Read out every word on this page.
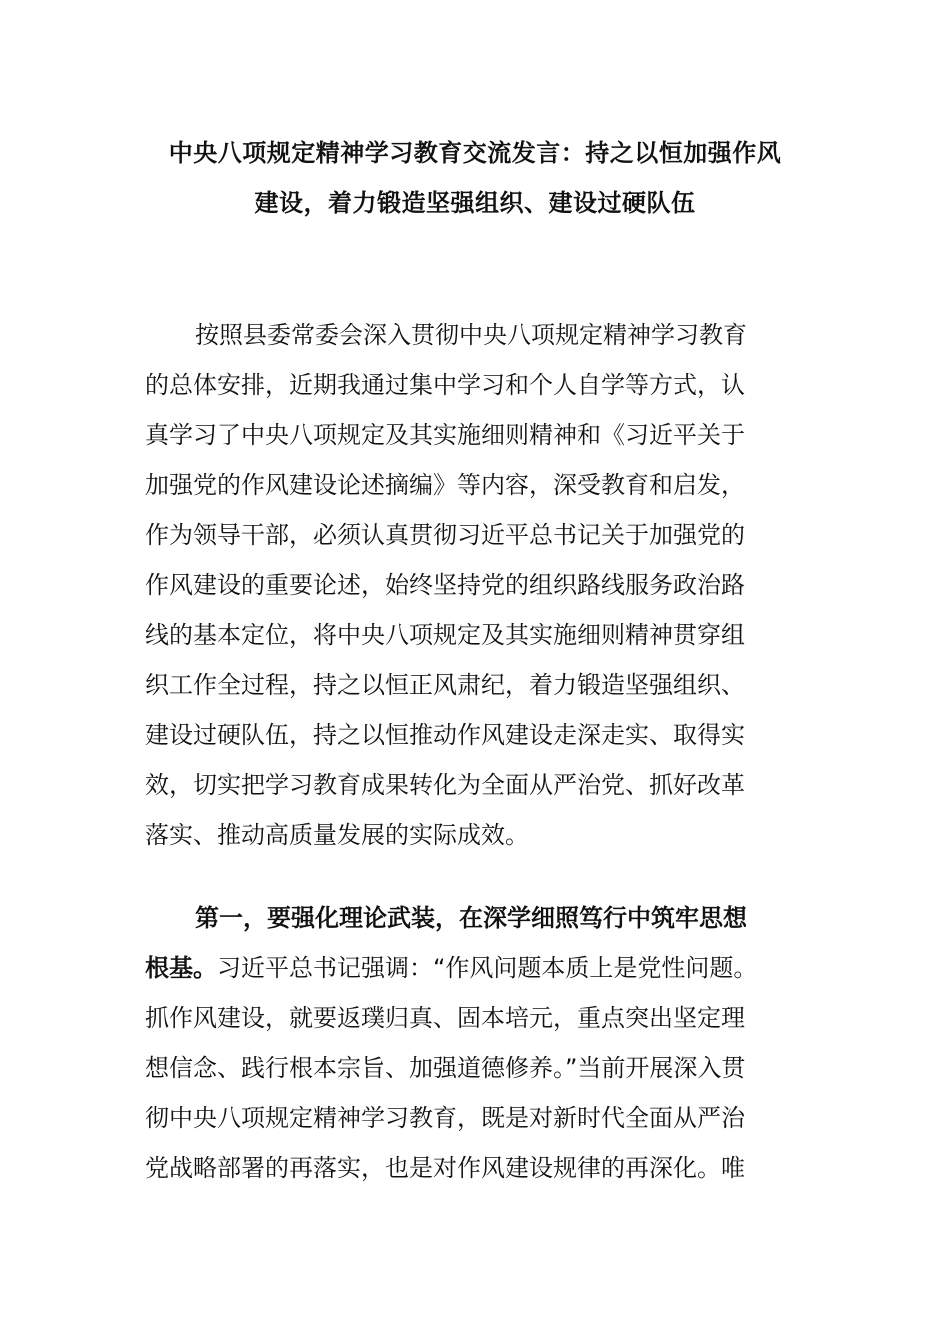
中央八项规定精神学习教育交流发言：持之以恒加强作风
建设，着力锻造坚强组织、建设过硬队伍

按照县委常委会深入贯彻中央八项规定精神学习教育
的总体安排，近期我通过集中学习和个人自学等方式，认
真学习了中央八项规定及其实施细则精神和《习近平关于
加强党的作风建设论述摘编》等内容，深受教育和启发，
作为领导干部，必须认真贯彻习近平总书记关于加强党的
作风建设的重要论述，始终坚持党的组织路线服务政治路
线的基本定位，将中央八项规定及其实施细则精神贯穿组
织工作全过程，持之以恒正风肃纪，着力锻造坚强组织、
建设过硬队伍，持之以恒推动作风建设走深走实、取得实
效，切实把学习教育成果转化为全面从严治党、抓好改革
落实、推动高质量发展的实际成效。

第一，要强化理论武装，在深学细照笃行中筑牢思想
根基。习近平总书记强调：“作风问题本质上是党性问题。
抓作风建设，就要返璞归真、固本培元，重点突出坚定理
想信念、践行根本宗旨、加强道德修养。”当前开展深入贯
彻中央八项规定精神学习教育，既是对新时代全面从严治
党战略部署的再落实，也是对作风建设规律的再深化。唯
